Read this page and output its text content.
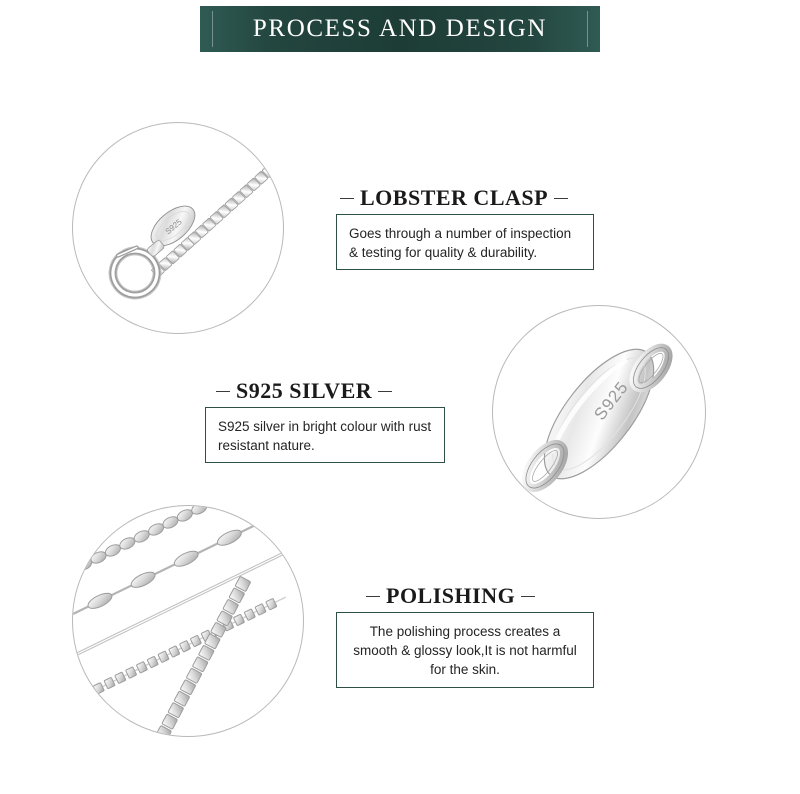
PROCESS AND DESIGN
S925
LOBSTER CLASP
Goes through a number of inspection & testing for quality & durability.
S925
S925 SILVER
S925 silver in bright colour with rust resistant nature.
POLISHING
The polishing process creates a smooth & glossy look,It is not harmful for the skin.
